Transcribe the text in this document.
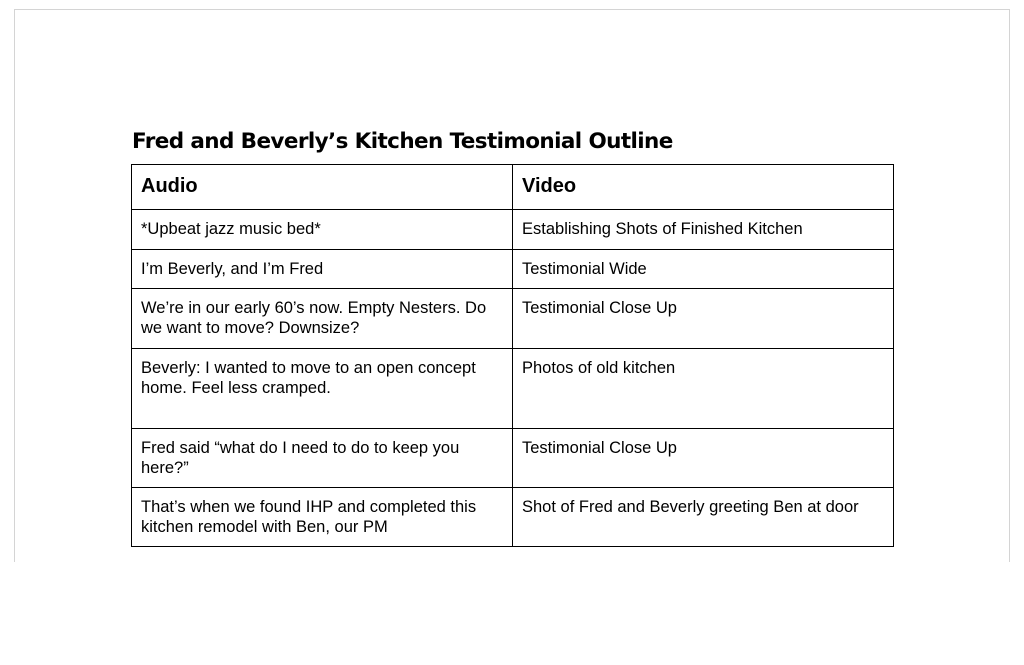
Fred and Beverly’s Kitchen Testimonial Outline
Audio	Video
*Upbeat jazz music bed*	Establishing Shots of Finished Kitchen
I’m Beverly, and I’m Fred	Testimonial Wide
We’re in our early 60’s now. Empty Nesters. Do we want to move? Downsize?	Testimonial Close Up
Beverly: I wanted to move to an open concept home. Feel less cramped.	Photos of old kitchen
Fred said “what do I need to do to keep you here?”	Testimonial Close Up
That’s when we found IHP and completed this kitchen remodel with Ben, our PM	Shot of Fred and Beverly greeting Ben at door
